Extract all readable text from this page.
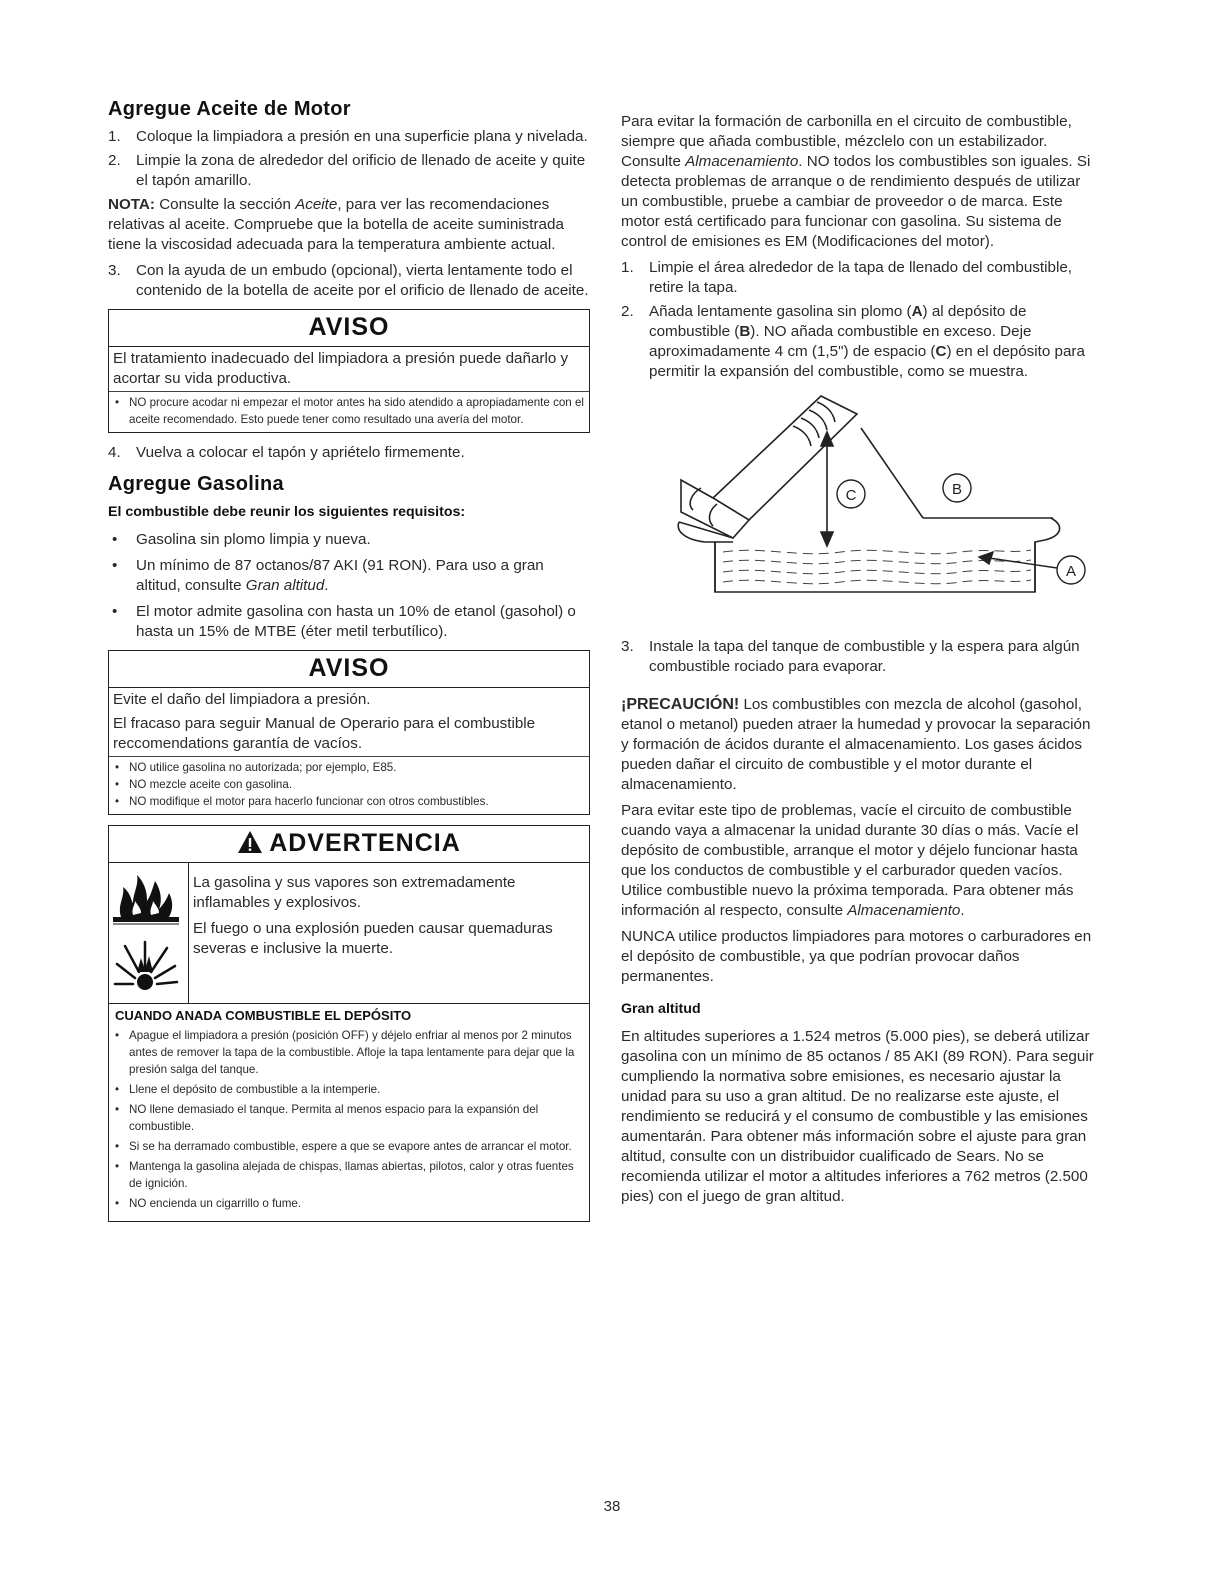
Agregue Aceite de Motor
1.	Coloque la limpiadora a presión en una superficie plana y nivelada.
2.	Limpie la zona de alrededor del orificio de llenado de aceite y quite el tapón amarillo.

NOTA: Consulte la sección Aceite, para ver las recomendaciones relativas al aceite. Compruebe que la botella de aceite suministrada tiene la viscosidad adecuada para la temperatura ambiente actual.

3.	Con la ayuda de un embudo (opcional), vierta lentamente todo el contenido de la botella de aceite por el orificio de llenado de aceite.
AVISO
El tratamiento inadecuado del limpiadora a presión puede dañarlo y acortar su vida productiva.
• NO procure acodar ni empezar el motor antes ha sido atendido a apropiadamente con el aceite recomendado. Esto puede tener como resultado una avería del motor.
4.	Vuelva a colocar el tapón y apriételo firmemente.
Agregue Gasolina
El combustible debe reunir los siguientes requisitos:
•	Gasolina sin plomo limpia y nueva.
•	Un mínimo de 87 octanos/87 AKI (91 RON). Para uso a gran altitud, consulte Gran altitud.
•	El motor admite gasolina con hasta un 10% de etanol (gasohol) o hasta un 15% de MTBE (éter metil terbutílico).
AVISO
Evite el daño del limpiadora a presión.
El fracaso para seguir Manual de Operario para el combustible reccomendations garantía de vacíos.
• NO utilice gasolina no autorizada; por ejemplo, E85.
• NO mezcle aceite con gasolina.
• NO modifique el motor para hacerlo funcionar con otros combustibles.
ADVERTENCIA

La gasolina y sus vapores son extremadamente inflamables y explosivos.

El fuego o una explosión pueden causar quemaduras severas e inclusive la muerte.

CUANDO ANADA COMBUSTIBLE EL DEPÓSITO
• Apague el limpiadora a presión (posición OFF) y déjelo enfriar al menos por 2 minutos antes de remover la tapa de la combustible. Afloje la tapa lentamente para dejar que la presión salga del tanque.
• Llene el depósito de combustible a la intemperie.
• NO llene demasiado el tanque. Permita al menos espacio para la expansión del combustible.
• Si se ha derramado combustible, espere a que se evapore antes de arrancar el motor.
• Mantenga la gasolina alejada de chispas, llamas abiertas, pilotos, calor y otras fuentes de ignición.
• NO encienda un cigarrillo o fume.

Para evitar la formación de carbonilla en el circuito de combustible, siempre que añada combustible, mézclelo con un estabilizador. Consulte Almacenamiento. NO todos los combustibles son iguales. Si detecta problemas de arranque o de rendimiento después de utilizar un combustible, pruebe a cambiar de proveedor o de marca. Este motor está certificado para funcionar con gasolina. Su sistema de control de emisiones es EM (Modificaciones del motor).

1.	Limpie el área alrededor de la tapa de llenado del combustible, retire la tapa.
2.	Añada lentamente gasolina sin plomo (A) al depósito de combustible (B). NO añada combustible en exceso. Deje aproximadamente 4 cm (1,5") de espacio (C) en el depósito para permitir la expansión del combustible, como se muestra.
C	B
A
3.	Instale la tapa del tanque de combustible y la espera para algún combustible rociado para evaporar.

¡PRECAUCIÓN! Los combustibles con mezcla de alcohol (gasohol, etanol o metanol) pueden atraer la humedad y provocar la separación y formación de ácidos durante el almacenamiento. Los gases ácidos pueden dañar el circuito de combustible y el motor durante el almacenamiento.

Para evitar este tipo de problemas, vacíe el circuito de combustible cuando vaya a almacenar la unidad durante 30 días o más. Vacíe el depósito de combustible, arranque el motor y déjelo funcionar hasta que los conductos de combustible y el carburador queden vacíos. Utilice combustible nuevo la próxima temporada. Para obtener más información al respecto, consulte Almacenamiento.

NUNCA utilice productos limpiadores para motores o carburadores en el depósito de combustible, ya que podrían provocar daños permanentes.

Gran altitud

En altitudes superiores a 1.524 metros (5.000 pies), se deberá utilizar gasolina con un mínimo de 85 octanos / 85 AKI (89 RON). Para seguir cumpliendo la normativa sobre emisiones, es necesario ajustar la unidad para su uso a gran altitud. De no realizarse este ajuste, el rendimiento se reducirá y el consumo de combustible y las emisiones aumentarán. Para obtener más información sobre el ajuste para gran altitud, consulte con un distribuidor cualificado de Sears. No se recomienda utilizar el motor a altitudes inferiores a 762 metros (2.500 pies) con el juego de gran altitud.

38
